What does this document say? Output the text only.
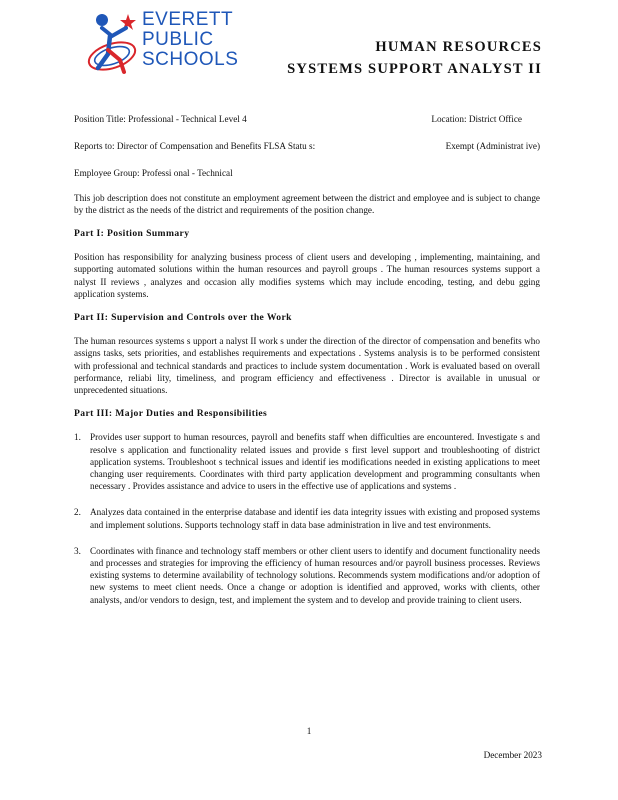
EVERETT
PUBLIC
SCHOOLS
HUMAN RESOURCES
SYSTEMS SUPPORT ANALYST II
Position Title: Professional - Technical Level 4	Location: District Office
Reports to: Director of Compensation and Benefits FLSA Statu s:	Exempt (Administrat ive)
Employee Group: Professi onal - Technical

This job description does not constitute an employment agreement between the district and employee and is subject to change by the district as the needs of the district and requirements of the position change.

Part I: Position Summary

Position has responsibility for analyzing business process of client users and developing , implementing, maintaining, and supporting automated solutions within the human resources and payroll groups . The human resources systems support a nalyst II reviews , analyzes and occasion ally modifies systems which may include encoding, testing, and debu gging application systems.

Part II: Supervision and Controls over the Work

The human resources systems s upport a nalyst II work s under the direction of the director of compensation and benefits who assigns tasks, sets priorities, and establishes requirements and expectations . Systems analysis is to be performed consistent with professional and technical standards and practices to include system documentation . Work is evaluated based on overall performance, reliabi lity, timeliness, and program efficiency and effectiveness . Director is available in unusual or unprecedented situations.

Part III: Major Duties and Responsibilities
1. Provides user support to human resources, payroll and benefits staff when difficulties are encountered. Investigate s and resolve s application and functionality related issues and provide s first level support and troubleshooting of district application systems. Troubleshoot s technical issues and identif ies modifications needed in existing applications to meet changing user requirements. Coordinates with third party application development and programming consultants when necessary . Provides assistance and advice to users in the effective use of applications and systems .
2. Analyzes data contained in the enterprise database and identif ies data integrity issues with existing and proposed systems and implement solutions. Supports technology staff in data base administration in live and test environments.
3. Coordinates with finance and technology staff members or other client users to identify and document functionality needs and processes and strategies for improving the efficiency of human resources and/or payroll business processes. Reviews existing systems to determine availability of technology solutions. Recommends system modifications and/or adoption of new systems to meet client needs. Once a change or adoption is identified and approved, works with clients, other analysts, and/or vendors to design, test, and implement the system and to develop and provide training to client users.
1
December 2023
